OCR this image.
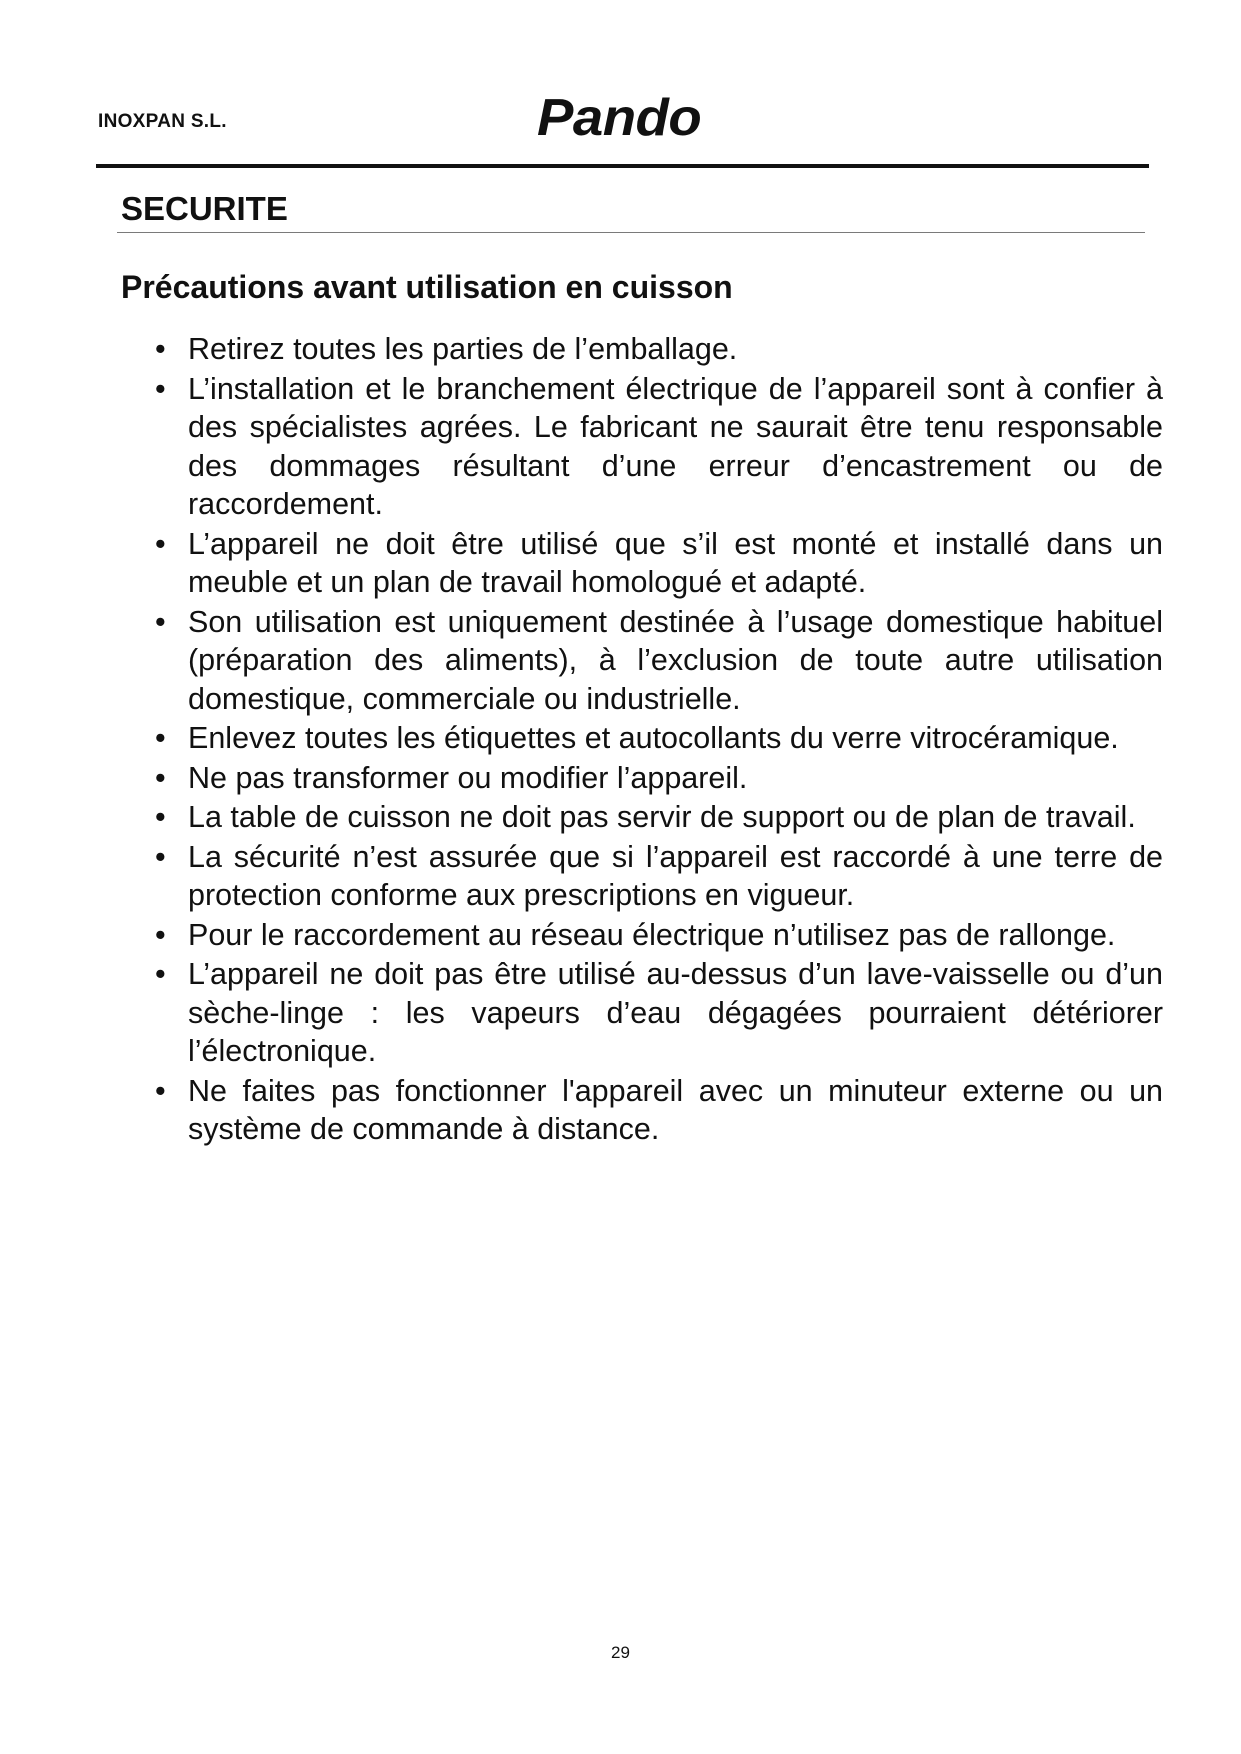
INOXPAN S.L.	Pando
SECURITE
Précautions avant utilisation en cuisson
• Retirez toutes les parties de l’emballage.
• L’installation et le branchement électrique de l’appareil sont à confier à des spécialistes agrées. Le fabricant ne saurait être tenu responsable des dommages résultant d’une erreur d’encastrement ou de raccordement.
• L’appareil ne doit être utilisé que s’il est monté et installé dans un meuble et un plan de travail homologué et adapté.
• Son utilisation est uniquement destinée à l’usage domestique habituel (préparation des aliments), à l’exclusion de toute autre utilisation domestique, commerciale ou industrielle.
• Enlevez toutes les étiquettes et autocollants du verre vitrocéramique.
• Ne pas transformer ou modifier l’appareil.
• La table de cuisson ne doit pas servir de support ou de plan de travail.
• La sécurité n’est assurée que si l’appareil est raccordé à une terre de protection conforme aux prescriptions en vigueur.
• Pour le raccordement au réseau électrique n’utilisez pas de rallonge.
• L’appareil ne doit pas être utilisé au-dessus d’un lave-vaisselle ou d’un sèche-linge : les vapeurs d’eau dégagées pourraient détériorer l’électronique.
• Ne faites pas fonctionner l'appareil avec un minuteur externe ou un système de commande à distance.
29
